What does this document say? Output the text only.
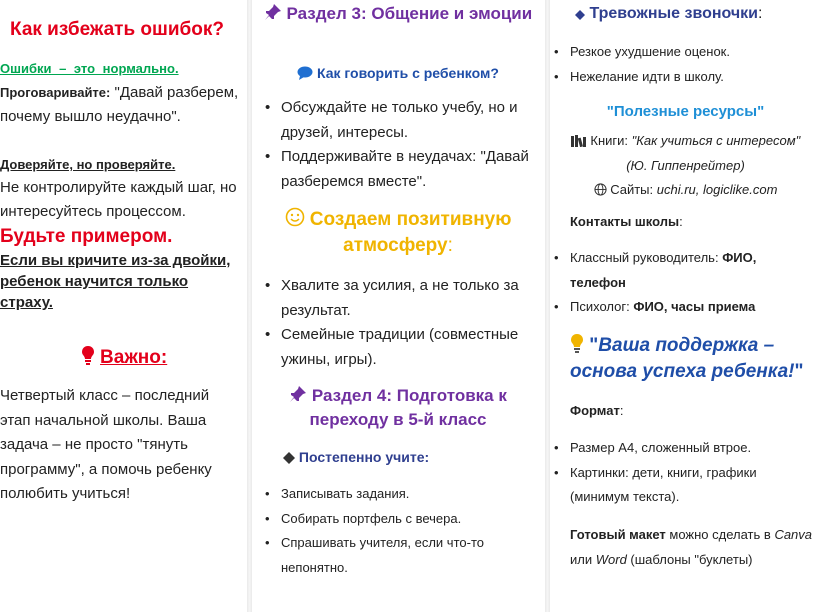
Как избежать ошибок?
Ошибки – это нормально.
Проговаривайте: "Давай разберем, почему вышло неудачно".
Доверяйте, но проверяйте.
Не контролируйте каждый шаг, но интересуйтесь процессом.
Будьте примером.
Если вы кричите из-за двойки, ребенок научится только страху.
Важно:
Четвертый класс – последний этап начальной школы. Ваша задача – не просто "тянуть программу", а помочь ребенку полюбить учиться!
Раздел 3: Общение и эмоции
Как говорить с ребенком?
• Обсуждайте не только учебу, но и друзей, интересы.
• Поддерживайте в неудачах: "Давай разберемся вместе".
Создаем позитивную атмосферу:
• Хвалите за усилия, а не только за результат.
• Семейные традиции (совместные ужины, игры).
Раздел 4: Подготовка к переходу в 5-й класс
Постепенно учите:
• Записывать задания.
• Собирать портфель с вечера.
• Спрашивать учителя, если что-то непонятно.
Тревожные звоночки:
• Резкое ухудшение оценок.
• Нежелание идти в школу.
"Полезные ресурсы"
Книги: "Как учиться с интересом"
(Ю. Гиппенрейтер)
Сайты: uchi.ru, logiclike.com
Контакты школы:
• Классный руководитель: ФИО, телефон
• Психолог: ФИО, часы приема
"Ваша поддержка – основа успеха ребенка!"
Формат:
• Размер А4, сложенный втрое.
• Картинки: дети, книги, графики (минимум текста).
Готовый макет можно сделать в Canva или Word (шаблоны "буклеты)
